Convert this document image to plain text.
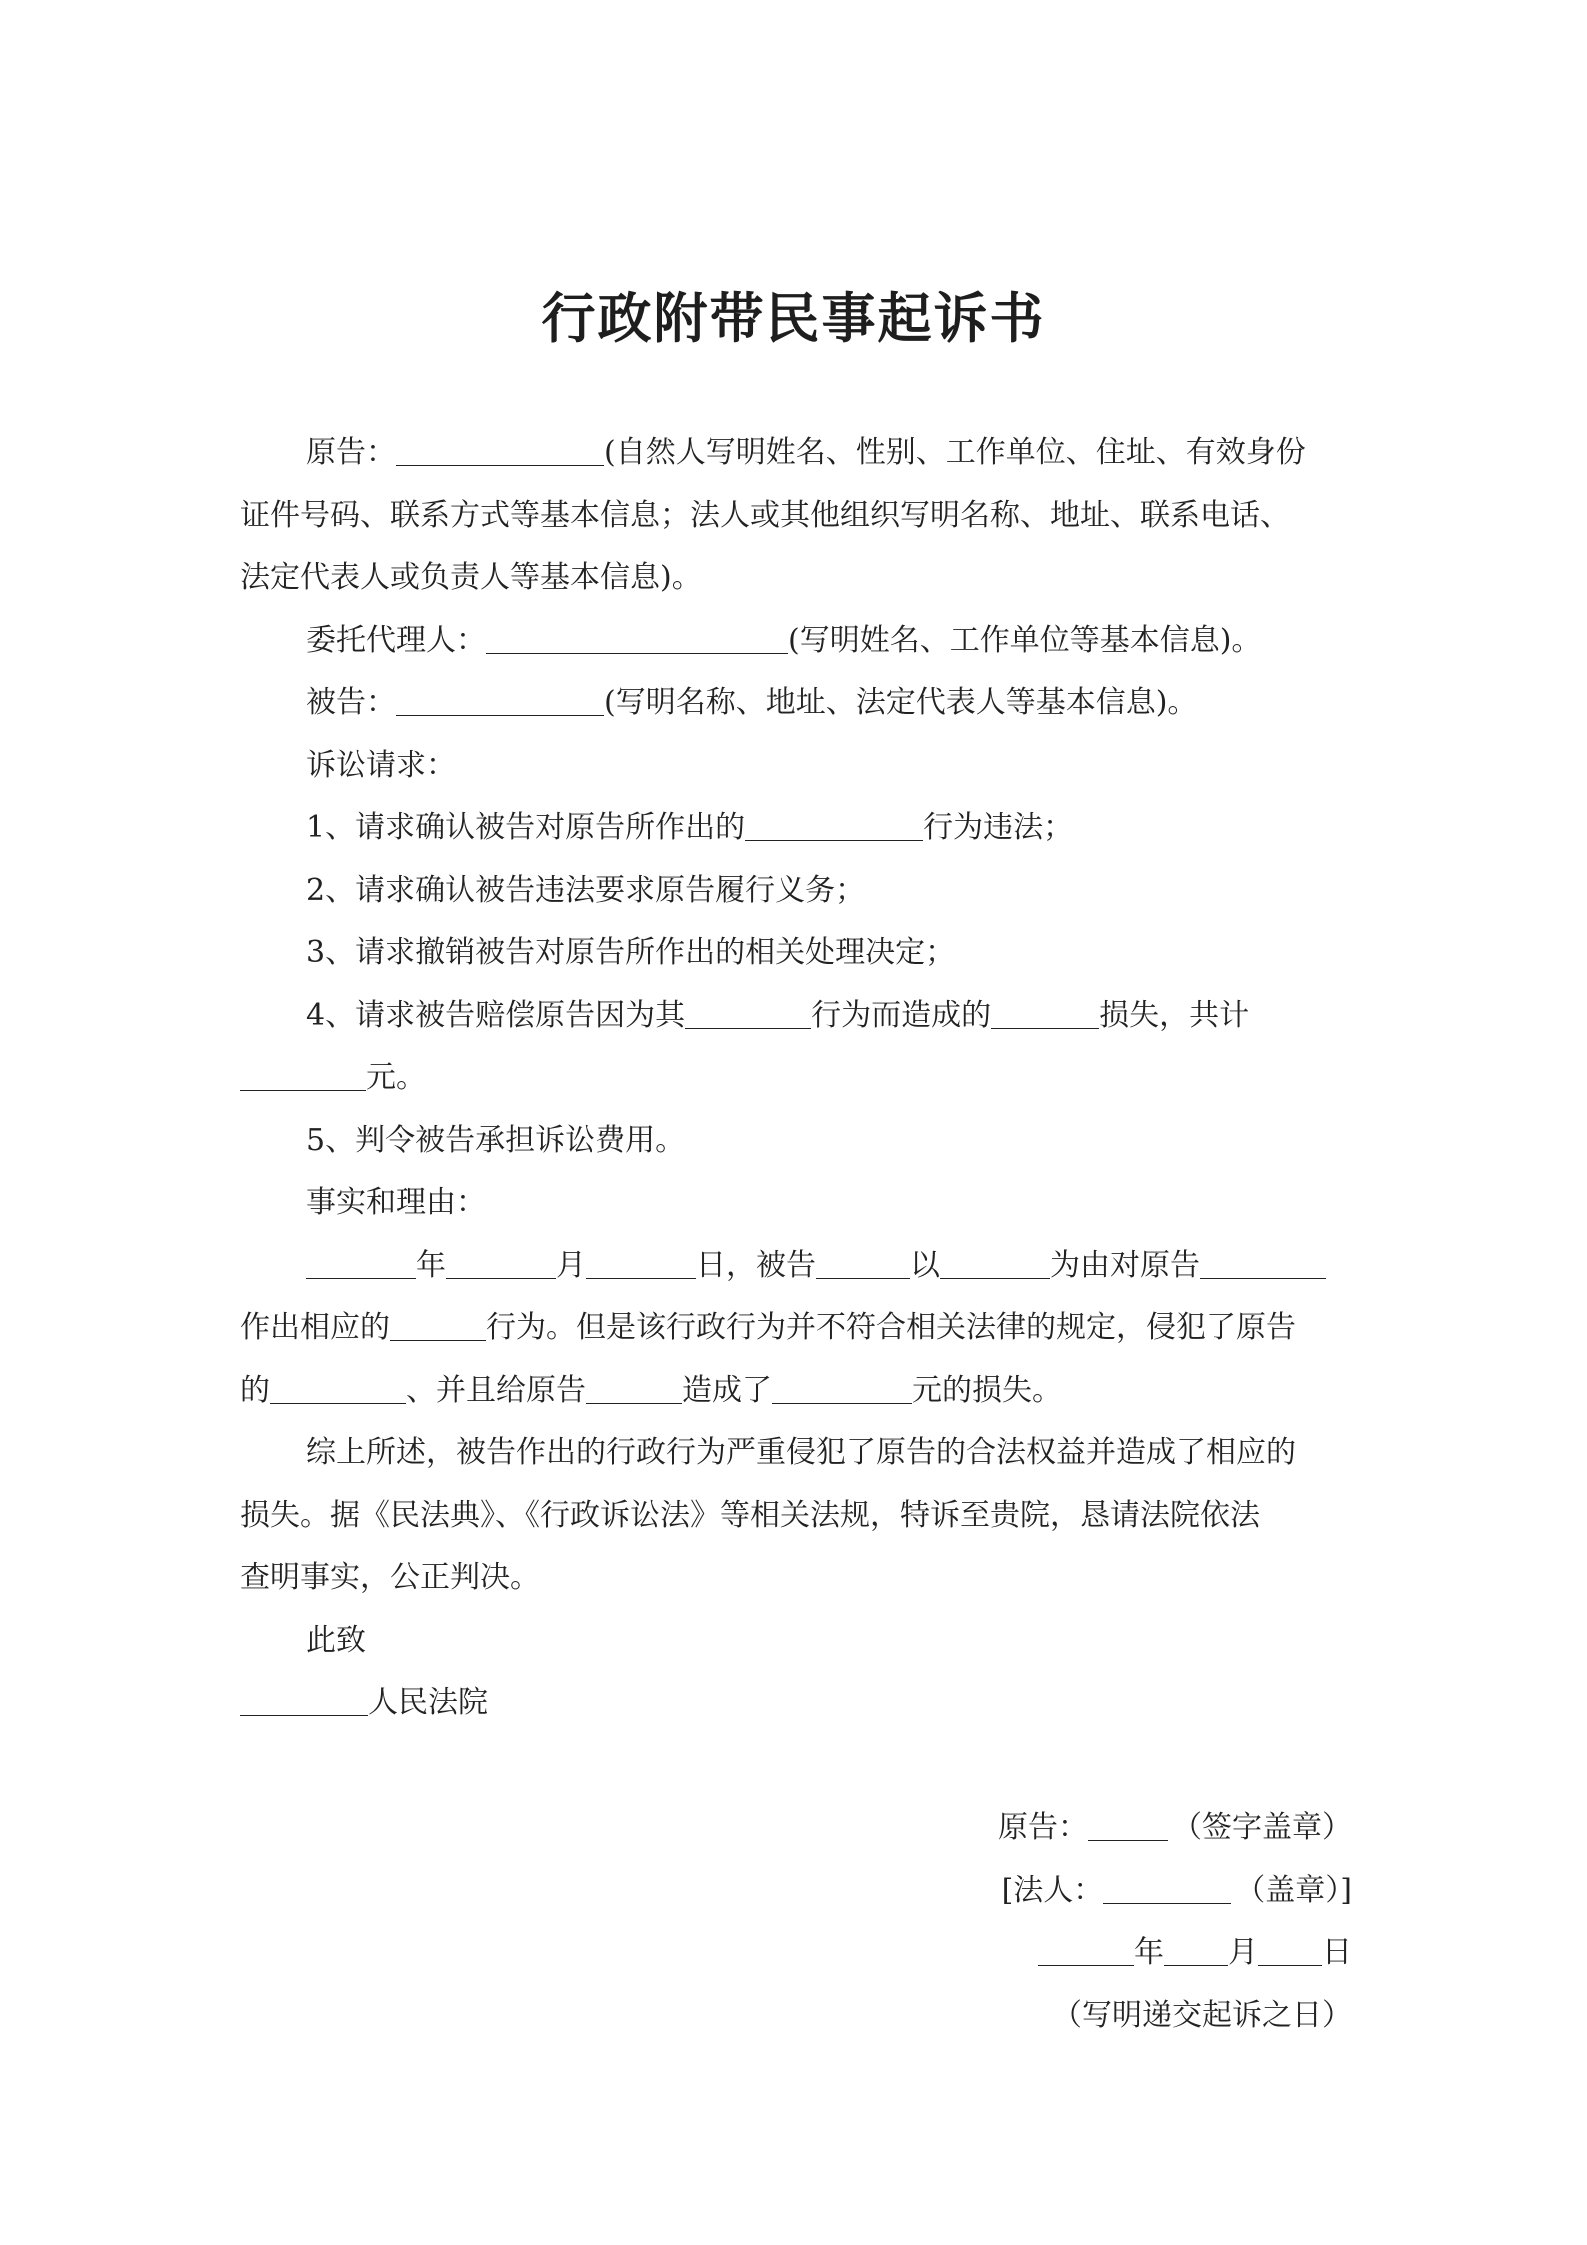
行政附带民事起诉书
原告：	(自然人写明姓名、性别、工作单位、住址、有效身份
证件号码、联系方式等基本信息；法人或其他组织写明名称、地址、联系电话、
法定代表人或负责人等基本信息)。
委托代理人：	(写明姓名、工作单位等基本信息)。
被告：	(写明名称、地址、法定代表人等基本信息)。
诉讼请求：
1、请求确认被告对原告所作出的	行为违法；
2、请求确认被告违法要求原告履行义务；
3、请求撤销被告对原告所作出的相关处理决定；
4、请求被告赔偿原告因为其	行为而造成的	损失，共计
元。
5、判令被告承担诉讼费用。
事实和理由：
年	月	日，被告	以	为由对原告
作出相应的	行为。但是该行政行为并不符合相关法律的规定，侵犯了原告
的	、并且给原告	造成了	元的损失。
综上所述，被告作出的行政行为严重侵犯了原告的合法权益并造成了相应的
损失。据《民法典》、《行政诉讼法》等相关法规，特诉至贵院，恳请法院依法
查明事实，公正判决。
此致
人民法院
原告：	（签字盖章）
[法人：	（盖章）]
年 月 日
（写明递交起诉之日）
